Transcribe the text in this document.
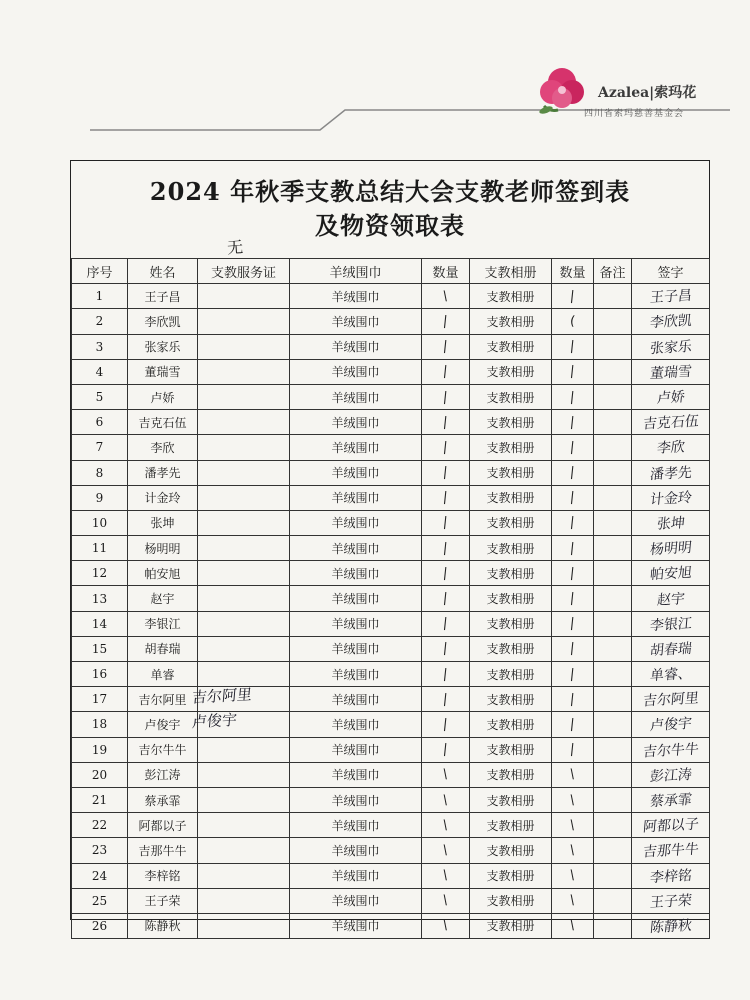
Azalea|索玛花
四川省索玛慈善基金会
2024 年秋季支教总结大会支教老师签到表
及物资领取表
无
序号	姓名	支教服务证	羊绒围巾	数量	支教相册	数量	备注	签字
1	王子昌		羊绒围巾	\	支教相册	|		王子昌
2	李欣凯		羊绒围巾	|	支教相册	(		李欣凯
3	张家乐		羊绒围巾	|	支教相册	|		张家乐
4	董瑞雪		羊绒围巾	|	支教相册	|		董瑞雪
5	卢娇		羊绒围巾	|	支教相册	|		卢娇
6	吉克石伍		羊绒围巾	|	支教相册	|		吉克石伍
7	李欣		羊绒围巾	|	支教相册	|		李欣
8	潘孝先		羊绒围巾	|	支教相册	|		潘孝先
9	计金玲		羊绒围巾	|	支教相册	|		计金玲
10	张坤		羊绒围巾	|	支教相册	|		张坤
11	杨明明		羊绒围巾	|	支教相册	|		杨明明
12	帕安旭		羊绒围巾	|	支教相册	|		帕安旭
13	赵宇		羊绒围巾	|	支教相册	|		赵宇
14	李银江		羊绒围巾	|	支教相册	|		李银江
15	胡春瑞		羊绒围巾	|	支教相册	|		胡春瑞
16	单睿		羊绒围巾	|	支教相册	|		单睿、
17	吉尔阿里	吉尔阿里	羊绒围巾	|	支教相册	|		吉尔阿里
18	卢俊宇	卢俊宇	羊绒围巾	|	支教相册	|		卢俊宇
19	吉尔牛牛		羊绒围巾	|	支教相册	|		吉尔牛牛
20	彭江涛		羊绒围巾	\	支教相册	\		彭江涛
21	蔡承霏		羊绒围巾	\	支教相册	\		蔡承霏
22	阿都以子		羊绒围巾	\	支教相册	\		阿都以子
23	吉那牛牛		羊绒围巾	\	支教相册	\		吉那牛牛
24	李梓铭		羊绒围巾	\	支教相册	\		李梓铭
25	王子荣		羊绒围巾	\	支教相册	\		王子荣
26	陈静秋		羊绒围巾	\	支教相册	\		陈静秋
